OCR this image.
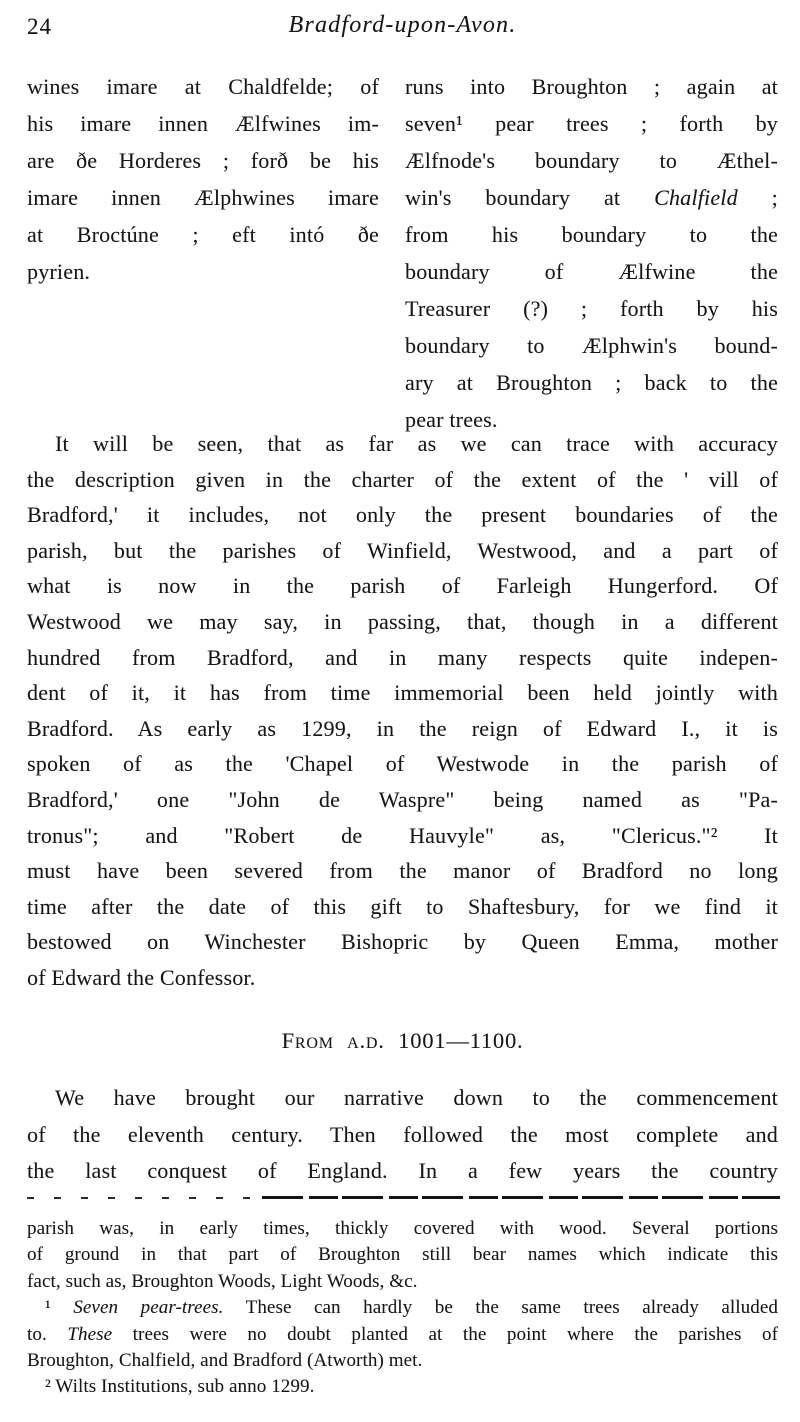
24	Bradford-upon-Avon.
wines imare at Chaldfelde; of
his imare innen Ælfwines im-
are ðe Horderes ; forð be his
imare innen Ælphwines imare
at Broctúne ; eft intó ðe
pyrien.
runs into Broughton ; again at
seven¹ pear trees ; forth by
Ælfnode's boundary to Æthel-
win's boundary at Chalfield ;
from his boundary to the
boundary of Ælfwine the
Treasurer (?) ; forth by his
boundary to Ælphwin's bound-
ary at Broughton ; back to the
pear trees.
It will be seen, that as far as we can trace with accuracy
the description given in the charter of the extent of the ' vill of
Bradford,' it includes, not only the present boundaries of the
parish, but the parishes of Winfield, Westwood, and a part of
what is now in the parish of Farleigh Hungerford. Of
Westwood we may say, in passing, that, though in a different
hundred from Bradford, and in many respects quite indepen-
dent of it, it has from time immemorial been held jointly with
Bradford. As early as 1299, in the reign of Edward I., it is
spoken of as the 'Chapel of Westwode in the parish of
Bradford,' one "John de Waspre" being named as "Pa-
tronus"; and "Robert de Hauvyle" as, "Clericus."² It
must have been severed from the manor of Bradford no long
time after the date of this gift to Shaftesbury, for we find it
bestowed on Winchester Bishopric by Queen Emma, mother
of Edward the Confessor.
From a.d. 1001—1100.
We have brought our narrative down to the commencement
of the eleventh century. Then followed the most complete and
the last conquest of England. In a few years the country
parish was, in early times, thickly covered with wood. Several portions
of ground in that part of Broughton still bear names which indicate this
fact, such as, Broughton Woods, Light Woods, &c.
¹ Seven pear-trees. These can hardly be the same trees already alluded
to. These trees were no doubt planted at the point where the parishes of
Broughton, Chalfield, and Bradford (Atworth) met.
² Wilts Institutions, sub anno 1299.
